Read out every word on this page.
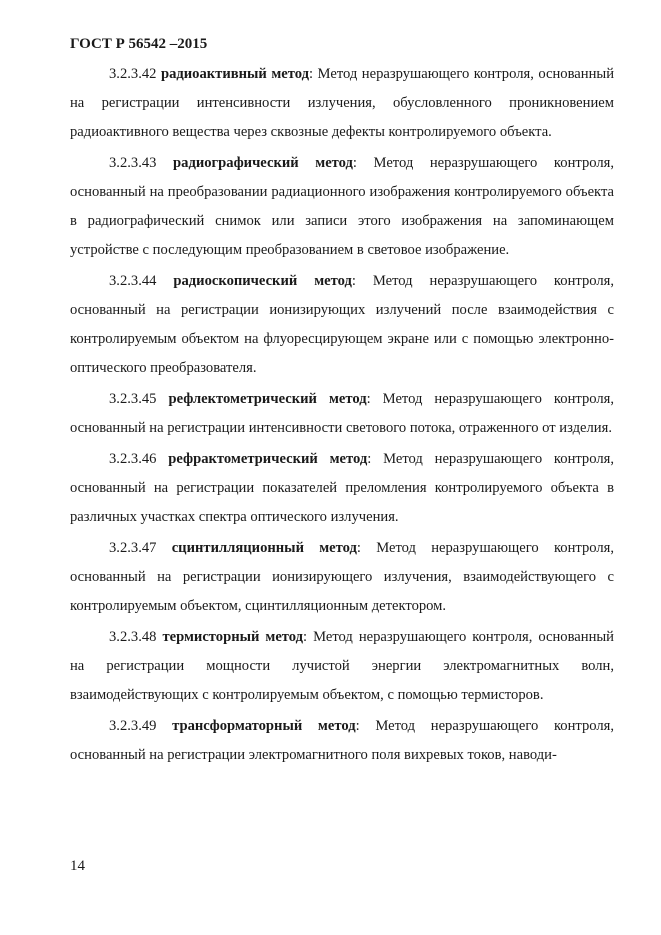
ГОСТ Р 56542 –2015

3.2.3.42 радиоактивный метод: Метод неразрушающего контроля, основанный на регистрации интенсивности излучения, обусловленного проникновением радиоактивного вещества через сквозные дефекты контролируемого объекта.

3.2.3.43 радиографический метод: Метод неразрушающего контроля, основанный на преобразовании радиационного изображения контролируемого объекта в радиографический снимок или записи этого изображения на запоминающем устройстве с последующим преобразованием в световое изображение.

3.2.3.44 радиоскопический метод: Метод неразрушающего контроля, основанный на регистрации ионизирующих излучений после взаимодействия с контролируемым объектом на флуоресцирующем экране или с помощью электронно-оптического преобразователя.

3.2.3.45 рефлектометрический метод: Метод неразрушающего контроля, основанный на регистрации интенсивности светового потока, отраженного от изделия.

3.2.3.46 рефрактометрический метод: Метод неразрушающего контроля, основанный на регистрации показателей преломления контролируемого объекта в различных участках спектра оптического излучения.

3.2.3.47 сцинтилляционный метод: Метод неразрушающего контроля, основанный на регистрации ионизирующего излучения, взаимодействующего с контролируемым объектом, сцинтилляционным детектором.

3.2.3.48 термисторный метод: Метод неразрушающего контроля, основанный на регистрации мощности лучистой энергии электромагнитных волн, взаимодействующих с контролируемым объектом, с помощью термисторов.

3.2.3.49 трансформаторный метод: Метод неразрушающего контроля, основанный на регистрации электромагнитного поля вихревых токов, наводи-

14
